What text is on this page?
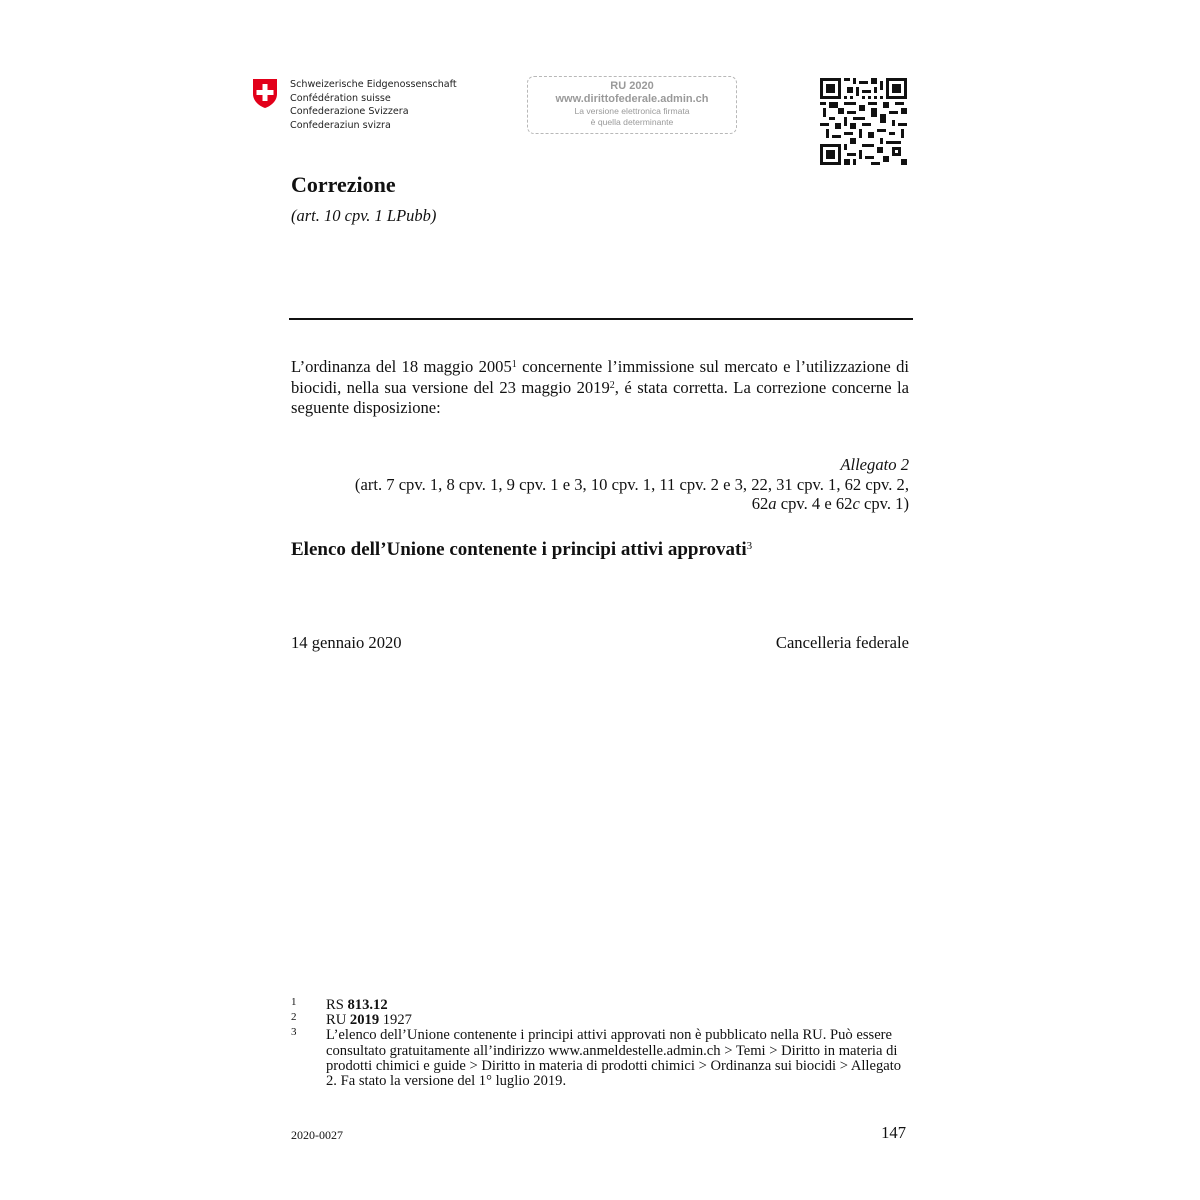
Schweizerische Eidgenossenschaft
Confédération suisse
Confederazione Svizzera
Confederaziun svizra
RU 2020
www.dirittofederale.admin.ch
La versione elettronica firmata
è quella determinante
Correzione
(art. 10 cpv. 1 LPubb)
L’ordinanza del 18 maggio 2005$^1$ concernente l’immissione sul mercato e l’utilizzazione di biocidi, nella sua versione del 23 maggio 2019$^2$, é stata corretta. La correzione concerne la seguente disposizione:
Allegato 2
(art. 7 cpv. 1, 8 cpv. 1, 9 cpv. 1 e 3, 10 cpv. 1, 11 cpv. 2 e 3, 22, 31 cpv. 1, 62 cpv. 2,
62a cpv. 4 e 62c cpv. 1)
Elenco dell’Unione contenente i principi attivi approvati$^3$
14 gennaio 2020	Cancelleria federale
1 RS 813.12
2 RU 2019 1927
3 L’elenco dell’Unione contenente i principi attivi approvati non è pubblicato nella RU. Può essere consultato gratuitamente all’indirizzo www.anmeldestelle.admin.ch > Temi > Diritto in materia di prodotti chimici e guide > Diritto in materia di prodotti chimici > Ordinanza sui biocidi > Allegato 2. Fa stato la versione del 1° luglio 2019.
2020-0027	147
